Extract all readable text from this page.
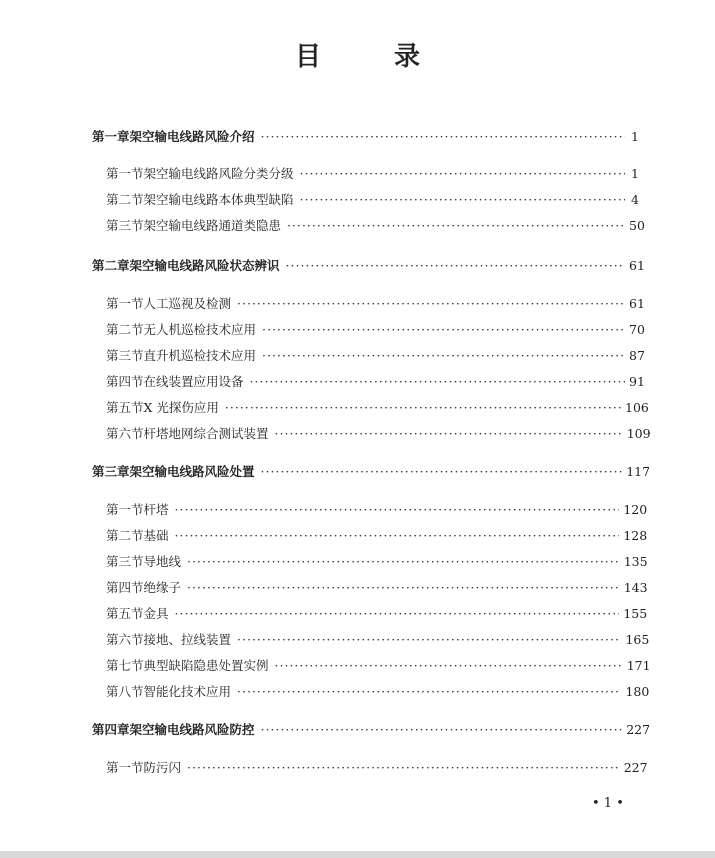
目 录
第一章 架空输电线路风险介绍 ·····	1
第一节 架空输电线路风险分类分级 ·····	1
第二节 架空输电线路本体典型缺陷 ·····	4
第三节 架空输电线路通道类隐患 ·····	50
第二章 架空输电线路风险状态辨识 ·····	61
第一节 人工巡视及检测 ·····	61
第二节 无人机巡检技术应用 ·····	70
第三节 直升机巡检技术应用 ·····	87
第四节 在线装置应用设备 ·····	91
第五节 X 光探伤应用 ·····	106
第六节 杆塔地网综合测试装置 ·····	109
第三章 架空输电线路风险处置 ·····	117
第一节 杆塔 ·····	120
第二节 基础 ·····	128
第三节 导地线 ·····	135
第四节 绝缘子 ·····	143
第五节 金具 ·····	155
第六节 接地、拉线装置 ·····	165
第七节 典型缺陷隐患处置实例 ·····	171
第八节 智能化技术应用 ·····	180
第四章 架空输电线路风险防控 ·····	227
第一节 防污闪 ·····	227
• 1 •
